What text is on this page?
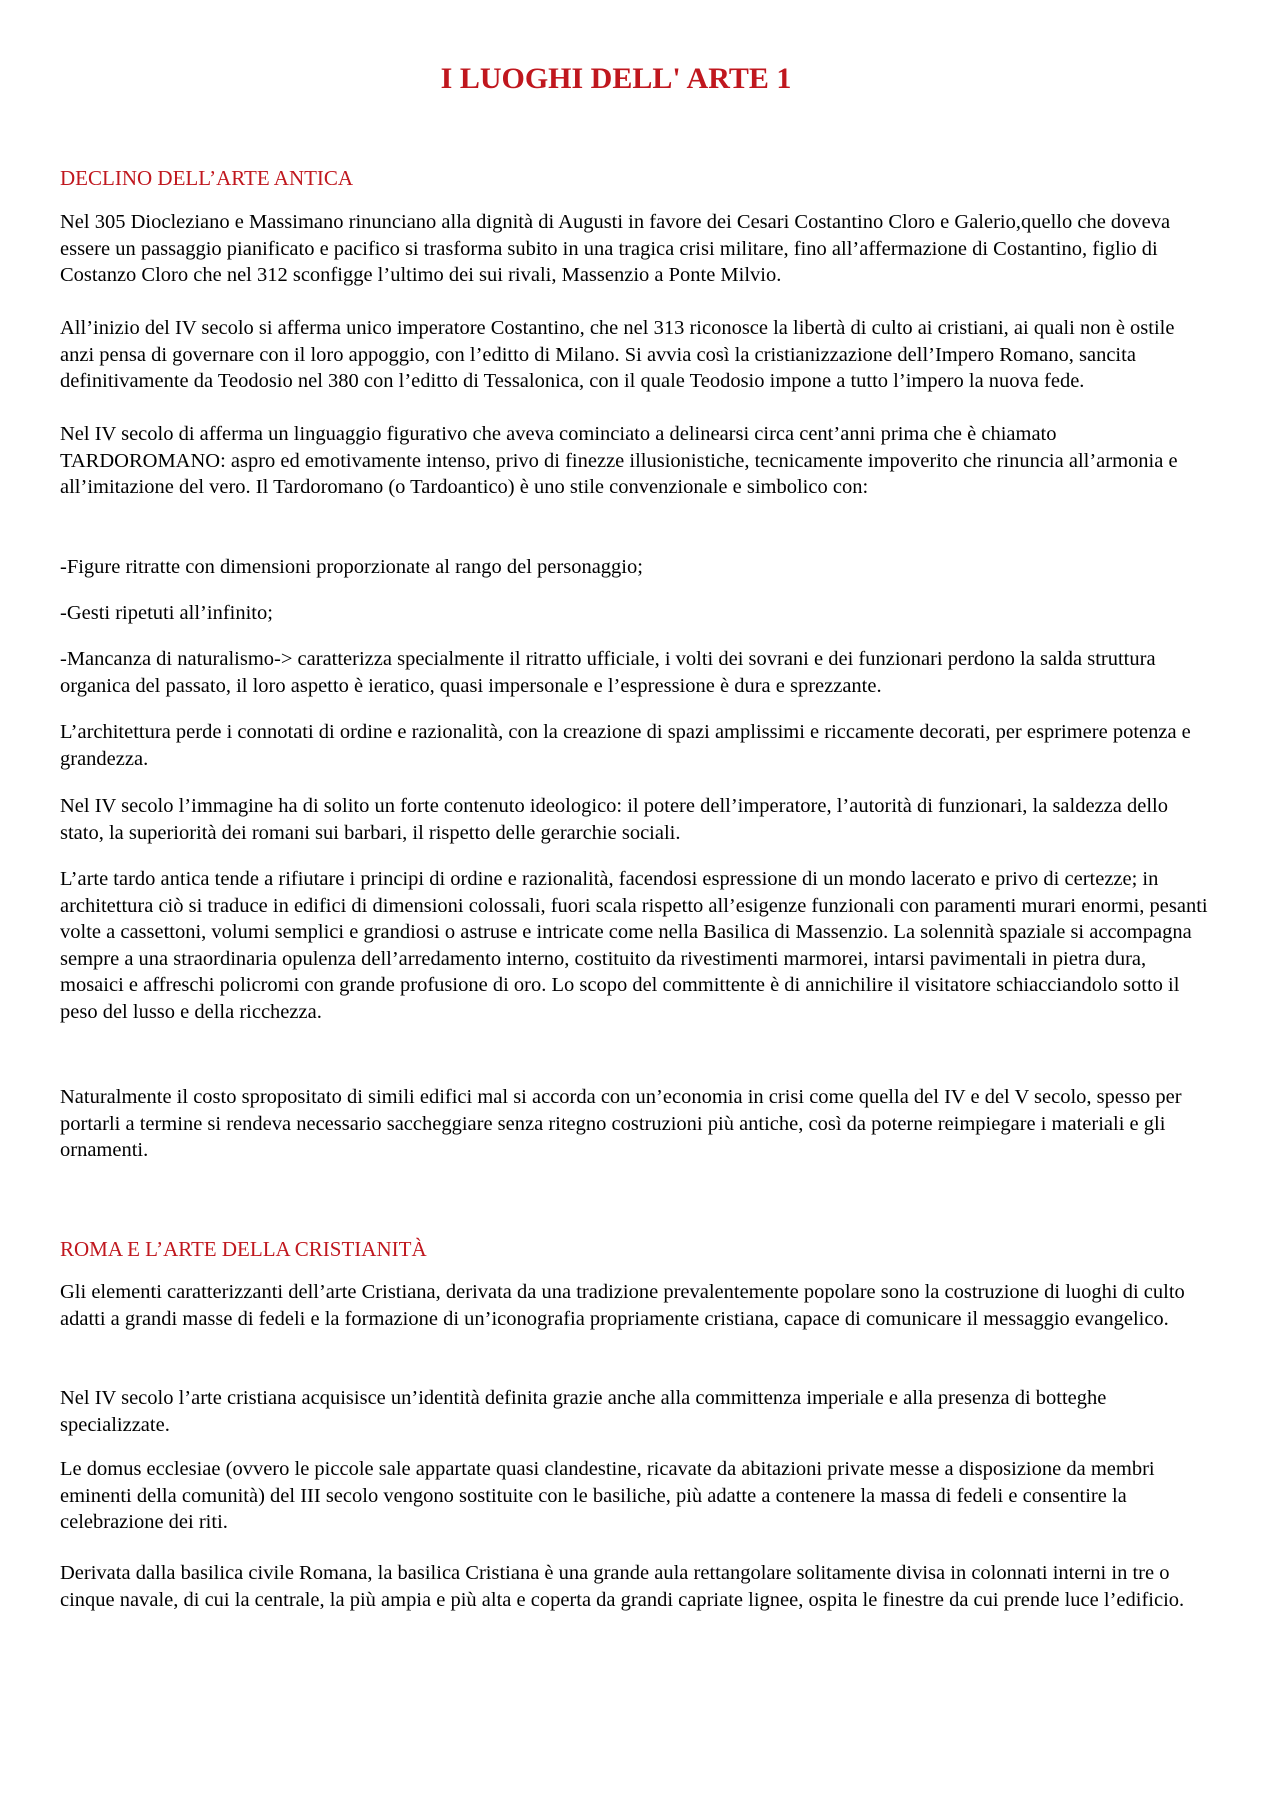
I LUOGHI DELL' ARTE 1
DECLINO DELL’ARTE ANTICA

Nel 305 Diocleziano e Massimano rinunciano alla dignità di Augusti in favore dei Cesari Costantino Cloro e Galerio,quello che doveva essere un passaggio pianificato e pacifico si trasforma subito in una tragica crisi militare, fino all’affermazione di Costantino, figlio di Costanzo Cloro che nel 312 sconfigge l’ultimo dei sui rivali, Massenzio a Ponte Milvio.

All’inizio del IV secolo si afferma unico imperatore Costantino, che nel 313 riconosce la libertà di culto ai cristiani, ai quali non è ostile anzi pensa di governare con il loro appoggio, con l’editto di Milano. Si avvia così la cristianizzazione dell’Impero Romano, sancita definitivamente da Teodosio nel 380 con l’editto di Tessalonica, con il quale Teodosio impone a tutto l’impero la nuova fede.

Nel IV secolo di afferma un linguaggio figurativo che aveva cominciato a delinearsi circa cent’anni prima che è chiamato TARDOROMANO: aspro ed emotivamente intenso, privo di finezze illusionistiche, tecnicamente impoverito che rinuncia all’armonia e all’imitazione del vero. Il Tardoromano (o Tardoantico) è uno stile convenzionale e simbolico con:

-Figure ritratte con dimensioni proporzionate al rango del personaggio;

-Gesti ripetuti all’infinito;

-Mancanza di naturalismo-> caratterizza specialmente il ritratto ufficiale, i volti dei sovrani e dei funzionari perdono la salda struttura organica del passato, il loro aspetto è ieratico, quasi impersonale e l’espressione è dura e sprezzante.

L’architettura perde i connotati di ordine e razionalità, con la creazione di spazi amplissimi e riccamente decorati, per esprimere potenza e grandezza.

Nel IV secolo l’immagine ha di solito un forte contenuto ideologico: il potere dell’imperatore, l’autorità di funzionari, la saldezza dello stato, la superiorità dei romani sui barbari, il rispetto delle gerarchie sociali.

L’arte tardo antica tende a rifiutare i principi di ordine e razionalità, facendosi espressione di un mondo lacerato e privo di certezze; in architettura ciò si traduce in edifici di dimensioni colossali, fuori scala rispetto all’esigenze funzionali con paramenti murari enormi, pesanti volte a cassettoni, volumi semplici e grandiosi o astruse e intricate come nella Basilica di Massenzio. La solennità spaziale si accompagna sempre a una straordinaria opulenza dell’arredamento interno, costituito da rivestimenti marmorei, intarsi pavimentali in pietra dura, mosaici e affreschi policromi con grande profusione di oro. Lo scopo del committente è di annichilire il visitatore schiacciandolo sotto il peso del lusso e della ricchezza.

Naturalmente il costo spropositato di simili edifici mal si accorda con un’economia in crisi come quella del IV e del V secolo, spesso per portarli a termine si rendeva necessario saccheggiare senza ritegno costruzioni più antiche, così da poterne reimpiegare i materiali e gli ornamenti.

ROMA E L’ARTE DELLA CRISTIANITÀ

Gli elementi caratterizzanti dell’arte Cristiana, derivata da una tradizione prevalentemente popolare sono la costruzione di luoghi di culto adatti a grandi masse di fedeli e la formazione di un’iconografia propriamente cristiana, capace di comunicare il messaggio evangelico.

Nel IV secolo l’arte cristiana acquisisce un’identità definita grazie anche alla committenza imperiale e alla presenza di botteghe specializzate.

Le domus ecclesiae (ovvero le piccole sale appartate quasi clandestine, ricavate da abitazioni private messe a disposizione da membri eminenti della comunità) del III secolo vengono sostituite con le basiliche, più adatte a contenere la massa di fedeli e consentire la celebrazione dei riti.

Derivata dalla basilica civile Romana, la basilica Cristiana è una grande aula rettangolare solitamente divisa in colonnati interni in tre o cinque navale, di cui la centrale, la più ampia e più alta e coperta da grandi capriate lignee, ospita le finestre da cui prende luce l’edificio.
